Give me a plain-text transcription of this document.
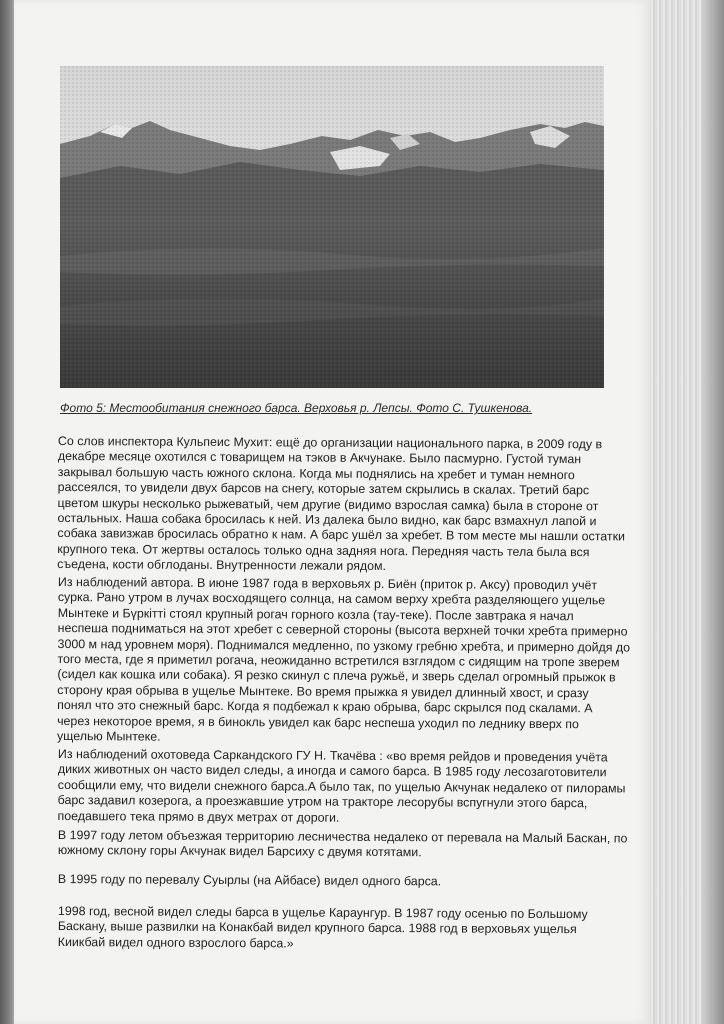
Фото 5: Местообитания снежного барса. Верховья р. Лепсы. Фото С. Тушкенова.

Со слов инспектора Кульпеис Мухит: ещё до организации национального парка, в 2009 году в
декабре месяце охотился с товарищем на тэков в Акчунаке. Было пасмурно. Густой туман
закрывал большую часть южного склона. Когда мы поднялись на хребет и туман немного
рассеялся, то увидели двух барсов на снегу, которые затем скрылись в скалах. Третий барс
цветом шкуры несколько рыжеватый, чем другие (видимо взрослая самка) была в стороне от
остальных. Наша собака бросилась к ней. Из далека было видно, как барс взмахнул лапой и
собака завизжав бросилась обратно к нам. А барс ушёл за хребет. В том месте мы нашли остатки
крупного тека. От жертвы осталось только одна задняя нога. Передняя часть тела была вся
съедена, кости обглоданы. Внутренности лежали рядом.

Из наблюдений автора. В июне 1987 года в верховьях р. Биён (приток р. Аксу) проводил учёт
сурка. Рано утром в лучах восходящего солнца, на самом верху хребта разделяющего ущелье
Мынтеке и Бүркітті стоял крупный рогач горного козла (тау-теке). После завтрака я начал
неспеша подниматься на этот хребет с северной стороны (высота верхней точки хребта примерно
3000 м над уровнем моря). Поднимался медленно, по узкому гребню хребта, и примерно дойдя до
того места, где я приметил рогача, неожиданно встретился взглядом с сидящим на тропе зверем
(сидел как кошка или собака). Я резко скинул с плеча ружьё, и зверь сделал огромный прыжок в
сторону края обрыва в ущелье Мынтеке. Во время прыжка я увидел длинный хвост, и сразу
понял что это снежный барс. Когда я подбежал к краю обрыва, барс скрылся под скалами. А
через некоторое время, я в бинокль увидел как барс неспеша уходил по леднику вверх по
ущелью Мынтеке.

Из наблюдений охотоведа Саркандского ГУ Н. Ткачёва : «во время рейдов и проведения учёта
диких животных он часто видел следы, а иногда и самого барса. В 1985 году лесозаготовители
сообщили ему, что видели снежного барса.А было так, по ущелью Акчунак недалеко от пилорамы
барс задавил козерога, а проезжавшие утром на тракторе лесорубы вспугнули этого барса,
поедавшего тека прямо в двух метрах от дороги.

В 1997 году летом объезжая территорию лесничества недалеко от перевала на Малый Баскан, по
южному склону горы Акчунак видел Барсиху с двумя котятами.

В 1995 году по перевалу Суырлы (на Айбасе) видел одного барса.

1998 год, весной видел следы барса в ущелье Караунгур. В 1987 году осенью по Большому
Баскану, выше развилки на Конакбай видел крупного барса. 1988 год в верховьях ущелья
Киикбай видел одного взрослого барса.»
